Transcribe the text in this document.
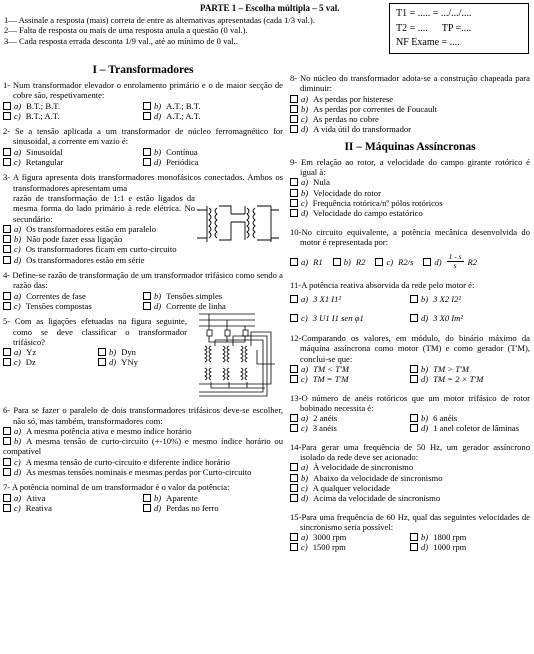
PARTE 1 – Escolha múltipla – 5 val.
1— Assinale a resposta (mais) correta de entre as alternativas apresentadas (cada 1/3 val.).
2— Falta de resposta ou mais de uma resposta anula a questão (0 val.).
3— Cada resposta errada desconta 1/9 val., até ao mínimo de 0 val..
T1 = ..... = .../.../....
T2 = .... TP =....
NF Exame = ....
I – Transformadores
1- Num transformador elevador o enrolamento primário e o de maior secção de cobre são, respetivamente:
a) B.T.; B.T.	b) A.T.; B.T.
c) B.T.; A.T.	d) A.T.; A.T.
2- Se a tensão aplicada a um transformador de núcleo ferromagnético for sinusoidal, a corrente em vazio é:
a) Sinusoidal	b) Contínua
c) Retangular	d) Periódica
3- A figura apresenta dois transformadores monofásicos conectados. Ambos os transformadores apresentam uma
razão de transformação de 1:1 e estão ligados da mesma forma do lado primário à rede elétrica. No secundário:
a) Os transformadores estão em paralelo
b) Não pode fazer essa ligação
c) Os transformadores ficam em curto-circuito
d) Os transformadores estão em série
4- Define-se razão de transformação de um transformador trifásico como sendo a razão das:
a) Correntes de fase	b) Tensões simples
c) Tensões compostas	d) Corrente de linha
5- Com as ligações efetuadas na figura seguinte, como se deve classificar o transformador trifásico?
a) Yz	b) Dyn
c) Dz	d) YNy
6- Para se fazer o paralelo de dois transformadores trifásicos deve-se escolher, não só, mas também, transformadores com:
a) A mesma potência ativa e mesmo índice horário
b) A mesma tensão de curto-circuito (+-10%) e mesmo índice horário ou compatível
c) A mesma tensão de curto-circuito e diferente índice horário
d) As mesmas tensões nominais e mesmas perdas por Curto-circuito
7- A potência nominal de um transformador é o valor da potência:
a) Ativa	b) Aparente
c) Reativa	d) Perdas no ferro
8- No núcleo do transformador adota-se a construção chapeada para diminuir:
a) As perdas por histerese
b) As perdas por correntes de Foucault
c) As perdas no cobre
d) A vida útil do transformador
II – Máquinas Assíncronas
9- Em relação ao rotor, a velocidade do campo girante rotórico é igual à:
a) Nula
b) Velocidade do rotor
c) Frequência rotórica/nº pólos rotóricos
d) Velocidade do campo estatórico
10-No circuito equivalente, a potência mecânica desenvolvida do motor é representada por:
a) R1 b) R2 c) R2/s $d) \frac{1 - s}{s} R2$
11-A potência reativa absorvida da rede pelo motor é:
a) 3 X1 I1²	b) 3 X2 I2²
c) 3 U1 I1 sen φ1	d) 3 X0 Im²
12-Comparando os valores, em módulo, do binário máximo da máquina assíncrona como motor (TM) e como gerador (T'M), conclui-se que:
a) TM < T'M	b) TM > T'M
c) TM = T'M	d) TM = 2 × T'M
13-O número de anéis rotóricos que um motor trifásico de rotor bobinado necessita é:
a) 2 anéis	b) 6 anéis
c) 3 anéis	d) 1 anel coletor de lâminas
14-Para gerar uma frequência de 50 Hz, um gerador assíncrono isolado da rede deve ser acionado:
a) À velocidade de sincronismo
b) Abaixo da velocidade de sincronismo
c) A qualquer velocidade
d) Acima da velocidade de sincronismo
15-Para uma frequência de 60 Hz, qual das seguintes velocidades de sincronismo seria possível:
a) 3000 rpm	b) 1800 rpm
c) 1500 rpm	d) 1000 rpm
